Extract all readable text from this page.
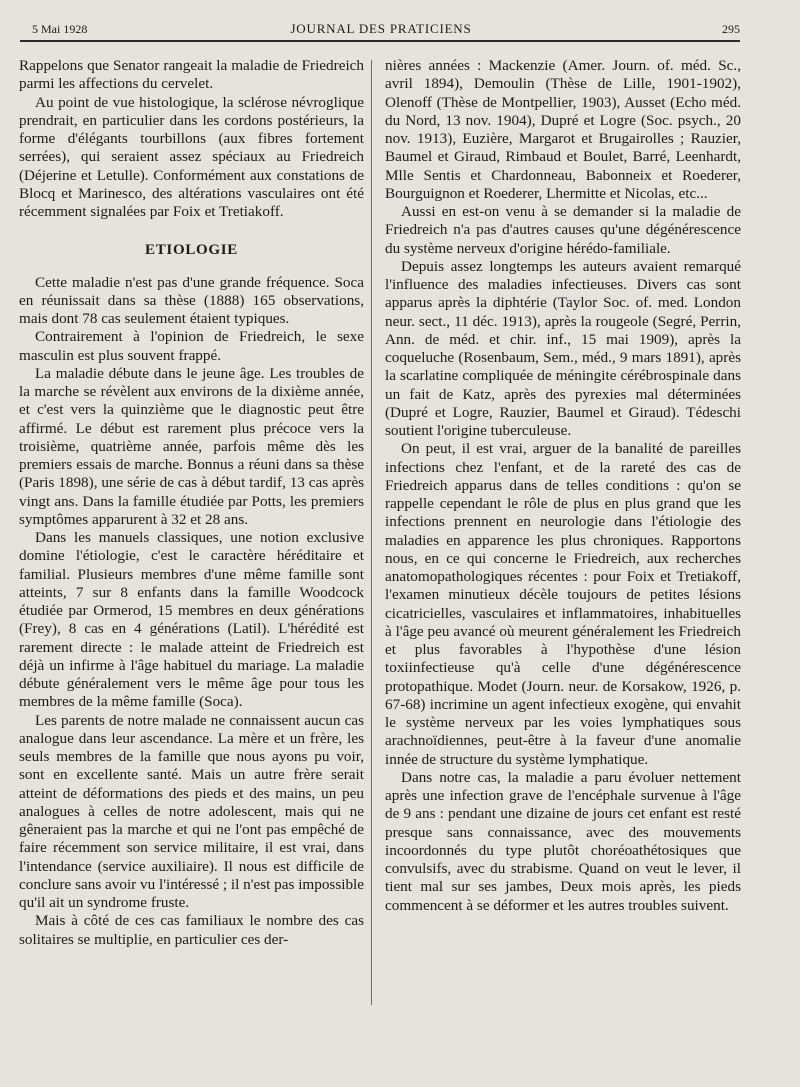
5 Mai 1928	JOURNAL DES PRATICIENS	295

Rappelons que Senator rangeait la maladie de Friedreich parmi les affections du cervelet.

Au point de vue histologique, la sclérose névroglique prendrait, en particulier dans les cordons postérieurs, la forme d'élégants tourbillons (aux fibres fortement serrées), qui seraient assez spéciaux au Friedreich (Déjerine et Letulle). Conformément aux constations de Blocq et Marinesco, des altérations vasculaires ont été récemment signalées par Foix et Tretiakoff.

ETIOLOGIE

Cette maladie n'est pas d'une grande fréquence. Soca en réunissait dans sa thèse (1888) 165 observations, mais dont 78 cas seulement étaient typiques.

Contrairement à l'opinion de Friedreich, le sexe masculin est plus souvent frappé.

La maladie débute dans le jeune âge. Les troubles de la marche se révèlent aux environs de la dixième année, et c'est vers la quinzième que le diagnostic peut être affirmé. Le début est rarement plus précoce vers la troisième, quatrième année, parfois même dès les premiers essais de marche. Bonnus a réuni dans sa thèse (Paris 1898), une série de cas à début tardif, 13 cas après vingt ans. Dans la famille étudiée par Potts, les premiers symptômes apparurent à 32 et 28 ans.

Dans les manuels classiques, une notion exclusive domine l'étiologie, c'est le caractère héréditaire et familial. Plusieurs membres d'une même famille sont atteints, 7 sur 8 enfants dans la famille Woodcock étudiée par Ormerod, 15 membres en deux générations (Frey), 8 cas en 4 générations (Latil). L'hérédité est rarement directe : le malade atteint de Friedreich est déjà un infirme à l'âge habituel du mariage. La maladie débute généralement vers le même âge pour tous les membres de la même famille (Soca).

Les parents de notre malade ne connaissent aucun cas analogue dans leur ascendance. La mère et un frère, les seuls membres de la famille que nous ayons pu voir, sont en excellente santé. Mais un autre frère serait atteint de déformations des pieds et des mains, un peu analogues à celles de notre adolescent, mais qui ne gêneraient pas la marche et qui ne l'ont pas empêché de faire récemment son service militaire, il est vrai, dans l'intendance (service auxiliaire). Il nous est difficile de conclure sans avoir vu l'intéressé ; il n'est pas impossible qu'il ait un syndrome fruste.

Mais à côté de ces cas familiaux le nombre des cas solitaires se multiplie, en particulier ces der-

nières années : Mackenzie (Amer. Journ. of. méd. Sc., avril 1894), Demoulin (Thèse de Lille, 1901-1902), Olenoff (Thèse de Montpellier, 1903), Ausset (Echo méd. du Nord, 13 nov. 1904), Dupré et Logre (Soc. psych., 20 nov. 1913), Euzière, Margarot et Brugairolles ; Rauzier, Baumel et Giraud, Rimbaud et Boulet, Barré, Leenhardt, Mlle Sentis et Chardonneau, Babonneix et Roederer, Bourguignon et Roederer, Lhermitte et Nicolas, etc...

Aussi en est-on venu à se demander si la maladie de Friedreich n'a pas d'autres causes qu'une dégénérescence du système nerveux d'origine hérédo-familiale.

Depuis assez longtemps les auteurs avaient remarqué l'influence des maladies infectieuses. Divers cas sont apparus après la diphtérie (Taylor Soc. of. med. London neur. sect., 11 déc. 1913), après la rougeole (Segré, Perrin, Ann. de méd. et chir. inf., 15 mai 1909), après la coqueluche (Rosenbaum, Sem., méd., 9 mars 1891), après la scarlatine compliquée de méningite cérébrospinale dans un fait de Katz, après des pyrexies mal déterminées (Dupré et Logre, Rauzier, Baumel et Giraud). Tédeschi soutient l'origine tuberculeuse.

On peut, il est vrai, arguer de la banalité de pareilles infections chez l'enfant, et de la rareté des cas de Friedreich apparus dans de telles conditions : qu'on se rappelle cependant le rôle de plus en plus grand que les infections prennent en neurologie dans l'étiologie des maladies en apparence les plus chroniques. Rapportons nous, en ce qui concerne le Friedreich, aux recherches anatomopathologiques récentes : pour Foix et Tretiakoff, l'examen minutieux décèle toujours de petites lésions cicatricielles, vasculaires et inflammatoires, inhabituelles à l'âge peu avancé où meurent généralement les Friedreich et plus favorables à l'hypothèse d'une lésion toxiinfectieuse qu'à celle d'une dégénérescence protopathique. Modet (Journ. neur. de Korsakow, 1926, p. 67-68) incrimine un agent infectieux exogène, qui envahit le système nerveux par les voies lymphatiques sous arachnoïdiennes, peut-être à la faveur d'une anomalie innée de structure du système lymphatique.

Dans notre cas, la maladie a paru évoluer nettement après une infection grave de l'encéphale survenue à l'âge de 9 ans : pendant une dizaine de jours cet enfant est resté presque sans connaissance, avec des mouvements incoordonnés du type plutôt choréoathétosiques que convulsifs, avec du strabisme. Quand on veut le lever, il tient mal sur ses jambes, Deux mois après, les pieds commencent à se déformer et les autres troubles suivent.
